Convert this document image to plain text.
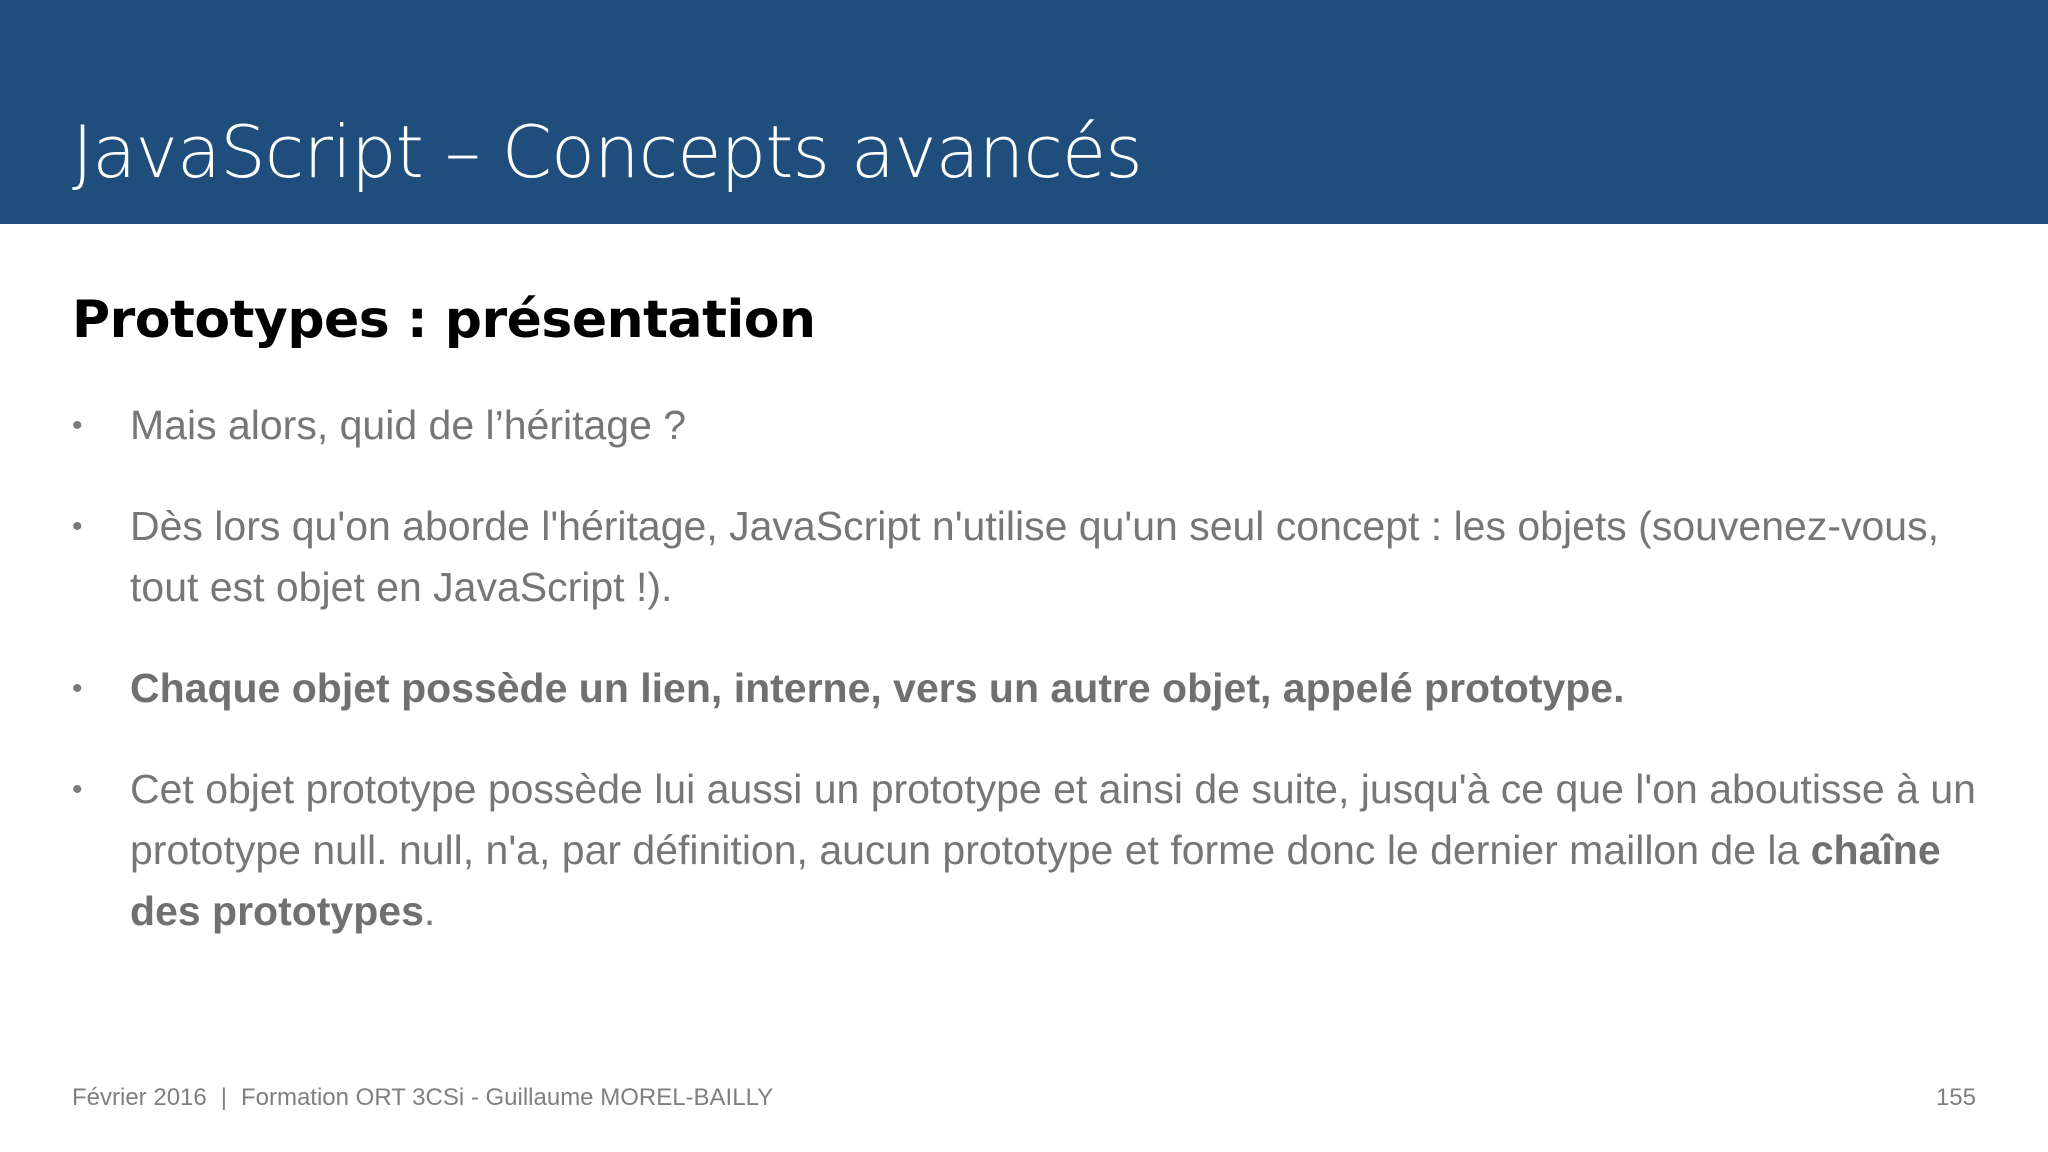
JavaScript – Concepts avancés
Prototypes : présentation
•	Mais alors, quid de l’héritage ?
•	Dès lors qu'on aborde l'héritage, JavaScript n'utilise qu'un seul concept : les objets (souvenez-vous, tout est objet en JavaScript !).
•	Chaque objet possède un lien, interne, vers un autre objet, appelé prototype.
•	Cet objet prototype possède lui aussi un prototype et ainsi de suite, jusqu'à ce que l'on aboutisse à un prototype null. null, n'a, par définition, aucun prototype et forme donc le dernier maillon de la chaîne des prototypes.
Février 2016 | Formation ORT 3CSi - Guillaume MOREL-BAILLY	155
